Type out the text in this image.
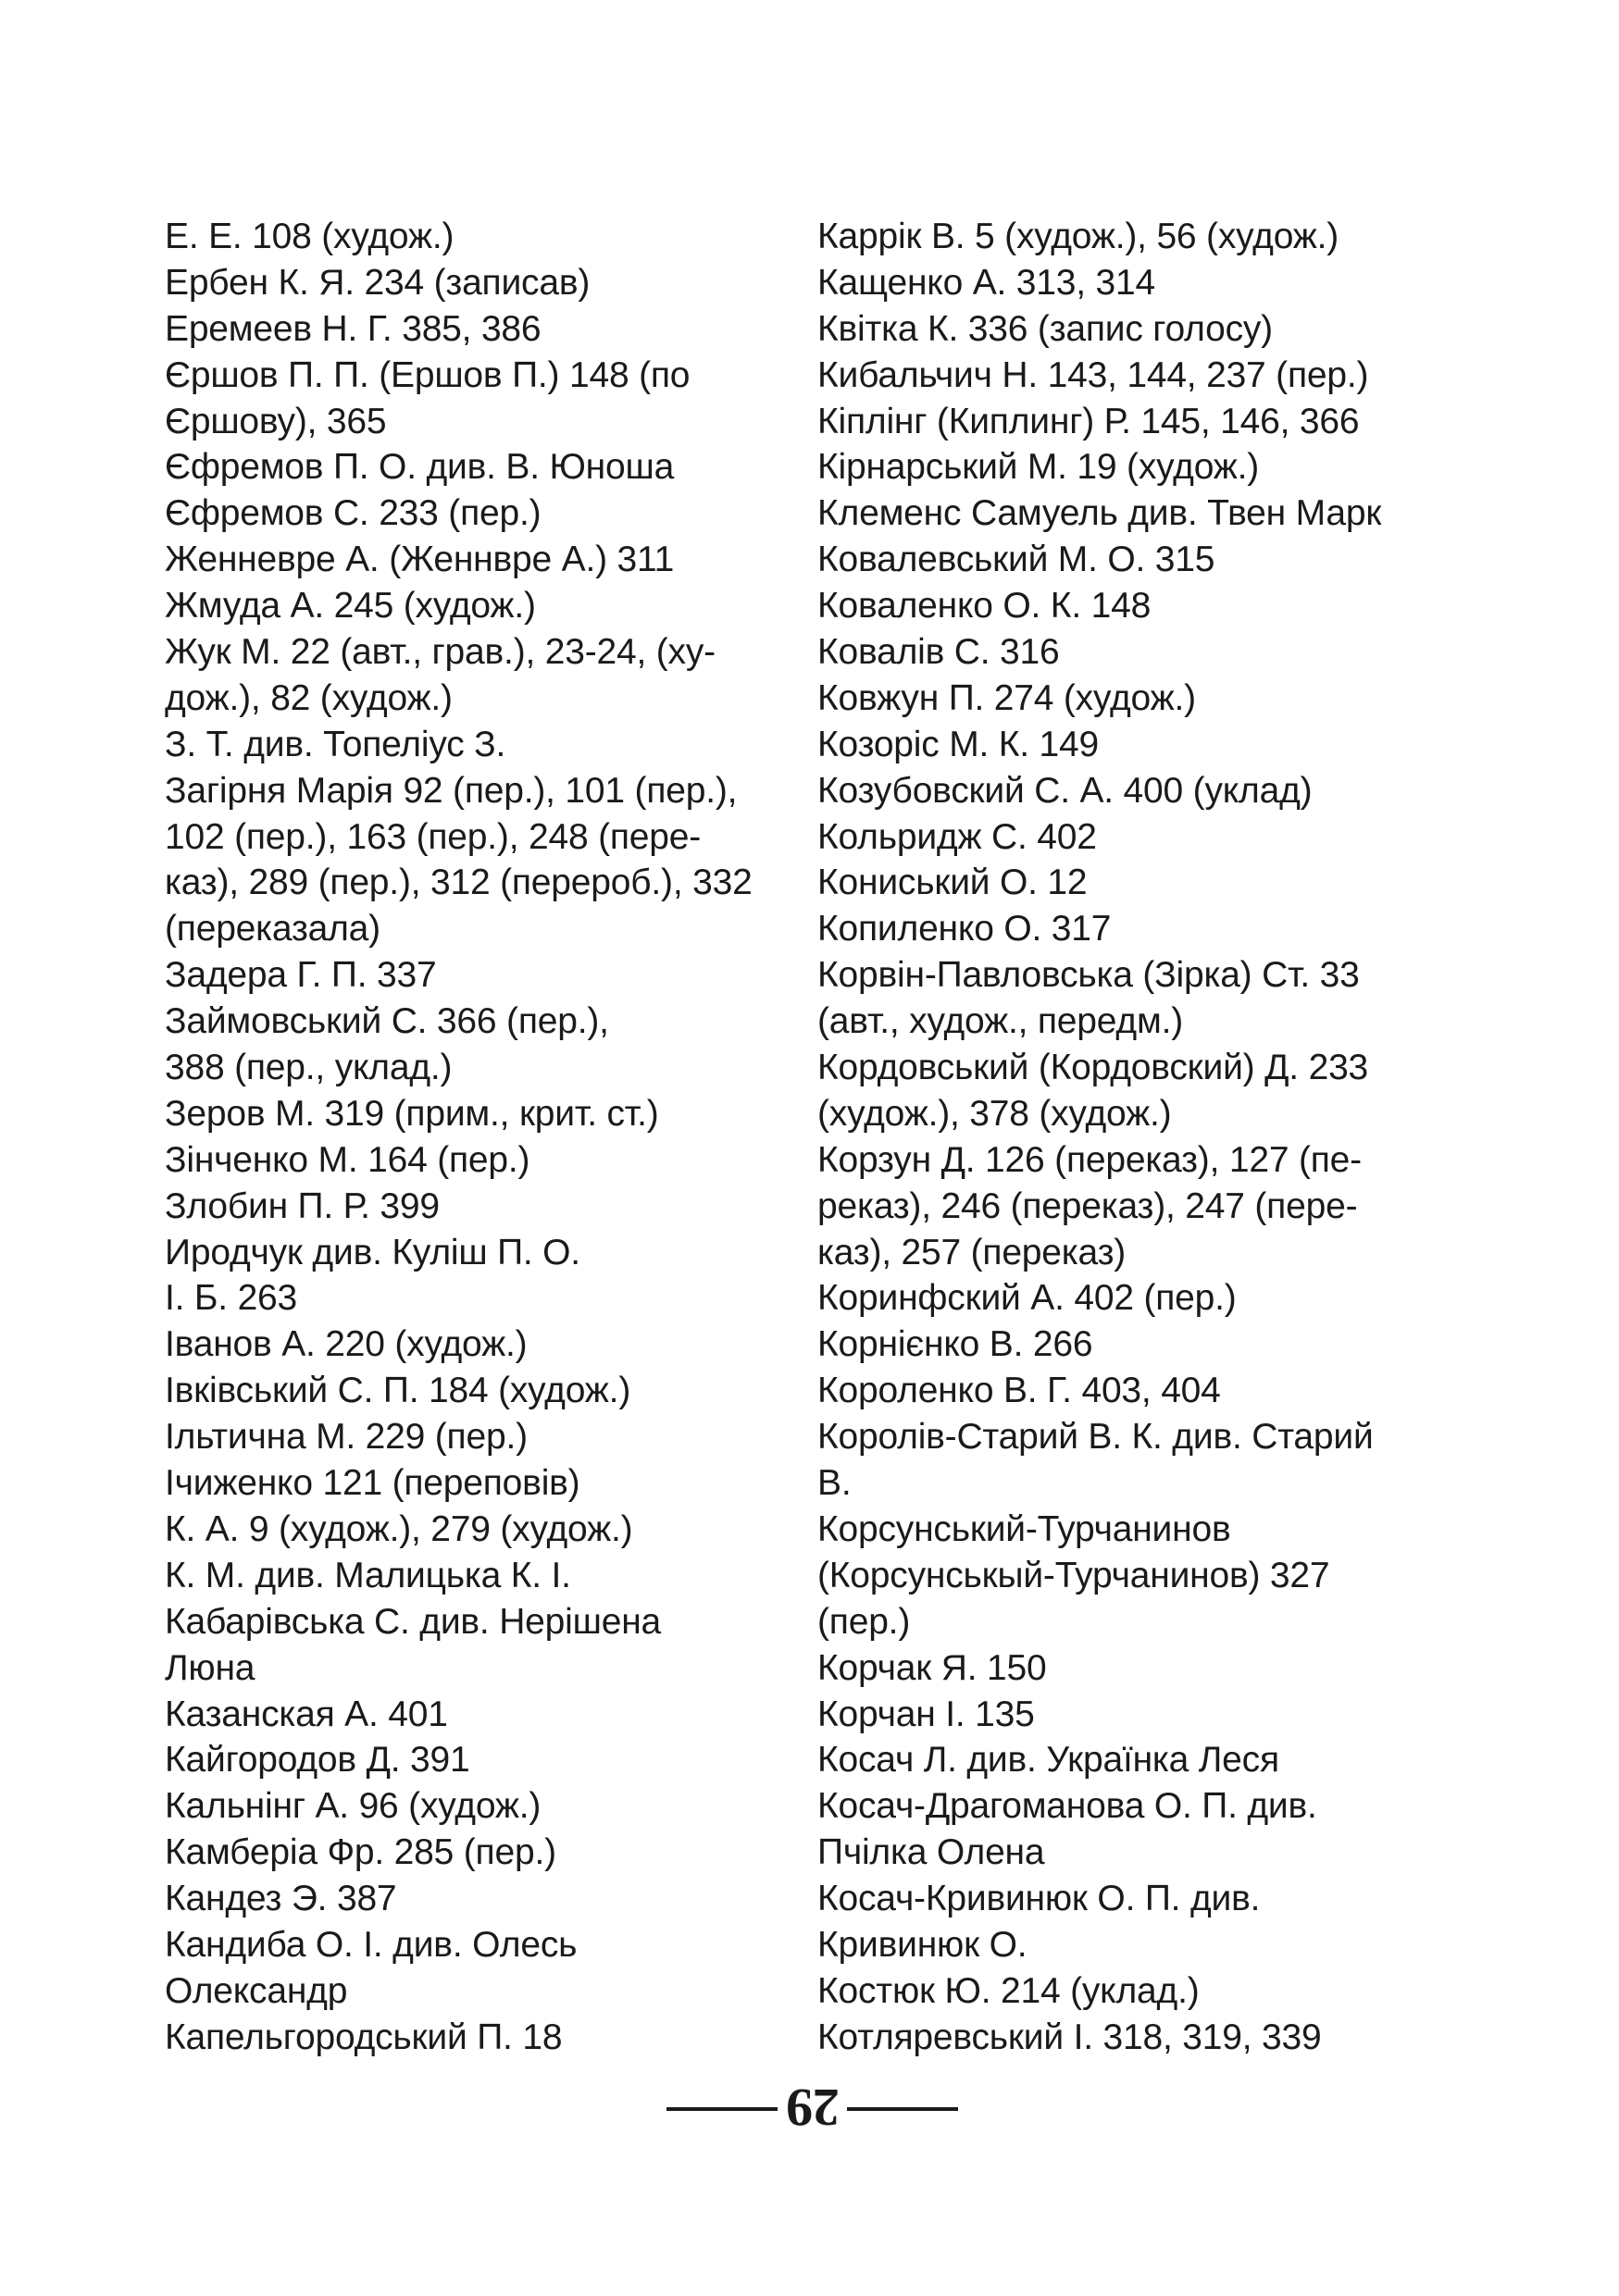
Е. Е. 108 (худож.)
Ербен К. Я. 234 (записав)
Еремеев Н. Г. 385, 386
Єршов П. П. (Ершов П.) 148 (по
Єршову), 365
Єфремов П. О. див. В. Юноша
Єфремов С. 233 (пер.)
Женневре А. (Женнвре А.) 311
Жмуда А. 245 (худож.)
Жук М. 22 (авт., грав.), 23-24, (ху-
дож.), 82 (худож.)
З. Т. див. Топеліус З.
Загірня Марія 92 (пер.), 101 (пер.),
102 (пер.), 163 (пер.), 248 (пере-
каз), 289 (пер.), 312 (перероб.), 332
(переказала)
Задера Г. П. 337
Займовський С. 366 (пер.),
388 (пер., уклад.)
Зеров М. 319 (прим., крит. ст.)
Зінченко М. 164 (пер.)
Злобин П. Р. 399
Иродчук див. Куліш П. О.
І. Б. 263
Іванов А. 220 (худож.)
Івківський С. П. 184 (худож.)
Ільтична М. 229 (пер.)
Ічиженко 121 (переповів)
К. А. 9 (худож.), 279 (худож.)
К. М. див. Малицька К. І.
Кабарівська С. див. Нерішена
Люна
Казанская А. 401
Кайгородов Д. 391
Кальнінг А. 96 (худож.)
Камберіа Фр. 285 (пер.)
Кандез Э. 387
Кандиба О. І. див. Олесь
Олександр
Капельгородський П. 18
Каррік В. 5 (худож.), 56 (худож.)
Кащенко А. 313, 314
Квітка К. 336 (запис голосу)
Кибальчич Н. 143, 144, 237 (пер.)
Кіплінг (Киплинг) Р. 145, 146, 366
Кірнарський М. 19 (худож.)
Клеменс Самуель див. Твен Марк
Ковалевський М. О. 315
Коваленко О. К. 148
Ковалів С. 316
Ковжун П. 274 (худож.)
Козоріс М. К. 149
Козубовский С. А. 400 (уклад)
Кольридж С. 402
Кониський О. 12
Копиленко О. 317
Корвін-Павловська (Зірка) Ст. 33
(авт., худож., передм.)
Кордовський (Кордовский) Д. 233
(худож.), 378 (худож.)
Корзун Д. 126 (переказ), 127 (пе-
реказ), 246 (переказ), 247 (пере-
каз), 257 (переказ)
Коринфский А. 402 (пер.)
Корнієнко В. 266
Короленко В. Г. 403, 404
Королів-Старий В. К. див. Старий
В.
Корсунський-Турчанинов
(Корсунськый-Турчанинов) 327
(пер.)
Корчак Я. 150
Корчан І. 135
Косач Л. див. Українка Леся
Косач-Драгоманова О. П. див.
Пчілка Олена
Косач-Кривинюк О. П. див.
Кривинюк О.
Костюк Ю. 214 (уклад.)
Котляревський І. 318, 319, 339
29
